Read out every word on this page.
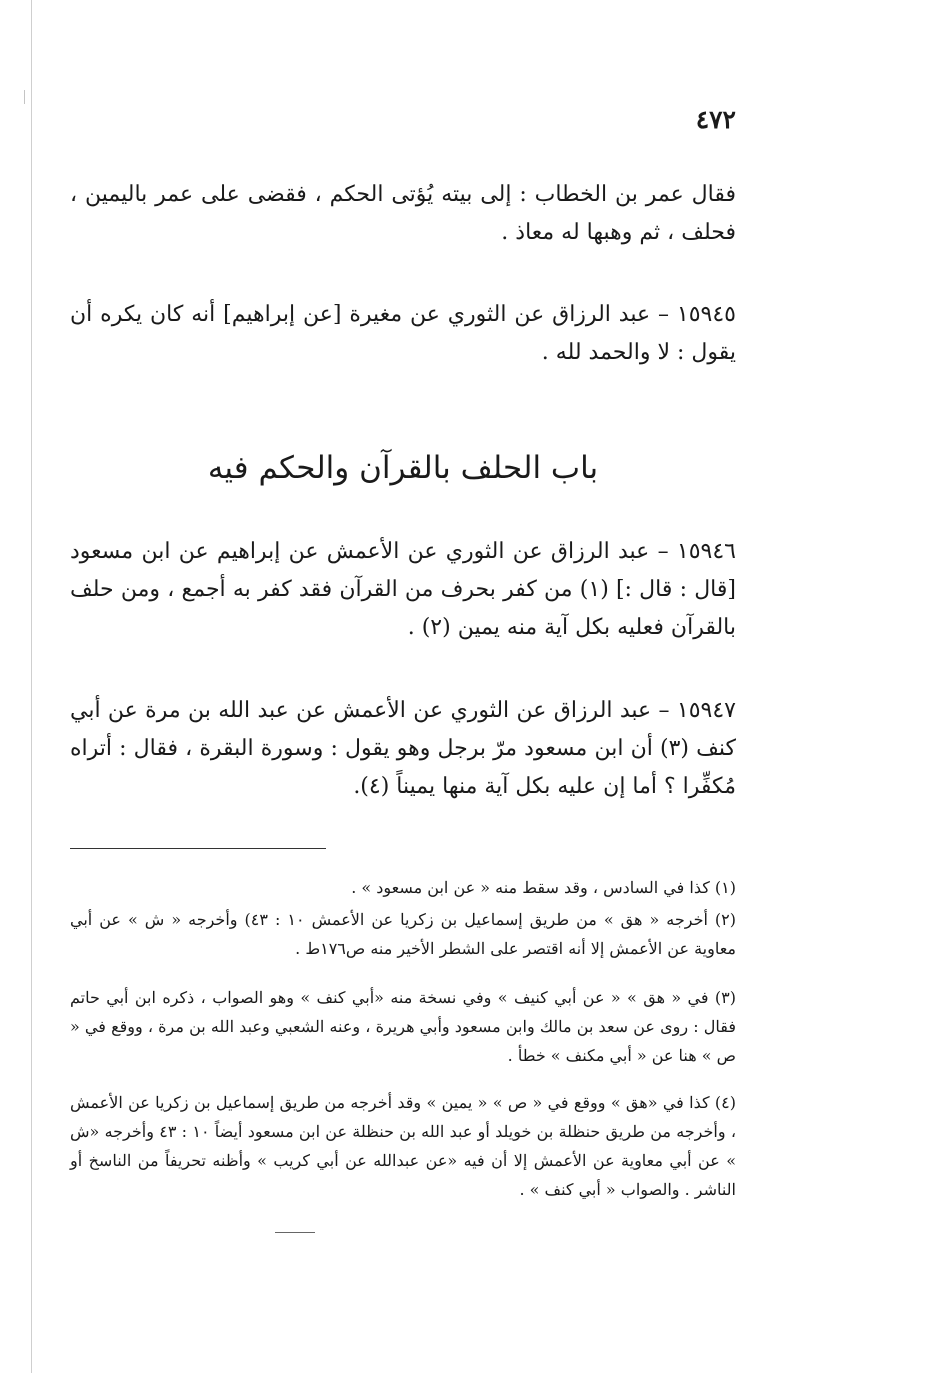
٤٧٢

فقال عمر بن الخطاب : إلى بيته يُؤتى الحكم ، فقضى على عمر باليمين ، فحلف ، ثم وهبها له معاذ .

١٥٩٤٥ – عبد الرزاق عن الثوري عن مغيرة [عن إبراهيم] أنه كان يكره أن يقول : لا والحمد لله .

باب الحلف بالقرآن والحكم فيه

١٥٩٤٦ – عبد الرزاق عن الثوري عن الأعمش عن إبراهيم عن ابن مسعود [قال : قال :] (١) من كفر بحرف من القرآن فقد كفر به أجمع ، ومن حلف بالقرآن فعليه بكل آية منه يمين (٢) .

١٥٩٤٧ – عبد الرزاق عن الثوري عن الأعمش عن عبد الله بن مرة عن أبي كنف (٣) أن ابن مسعود مرّ برجل وهو يقول : وسورة البقرة ، فقال : أتراه مُكفِّرا ؟ أما إن عليه بكل آية منها يميناً (٤).

(١) كذا في السادس ، وقد سقط منه « عن ابن مسعود » .

(٢) أخرجه « هق » من طريق إسماعيل بن زكريا عن الأعمش ١٠ : ٤٣) وأخرجه « ش » عن أبي معاوية عن الأعمش إلا أنه اقتصر على الشطر الأخير منه ص١٧٦ط .

(٣) في « هق » « عن أبي كنيف » وفي نسخة منه «أبي كنف » وهو الصواب ، ذكره ابن أبي حاتم فقال : روى عن سعد بن مالك وابن مسعود وأبي هريرة ، وعنه الشعبي وعبد الله بن مرة ، ووقع في « ص » هنا عن « أبي مكنف » خطأ .

(٤) كذا في «هق » ووقع في « ص » « يمين » وقد أخرجه من طريق إسماعيل بن زكريا عن الأعمش ، وأخرجه من طريق حنظلة بن خويلد أو عبد الله بن حنظلة عن ابن مسعود أيضاً ١٠ : ٤٣ وأخرجه «ش » عن أبي معاوية عن الأعمش إلا أن فيه «عن عبدالله عن أبي كريب » وأظنه تحريفاً من الناسخ أو الناشر . والصواب « أبي كنف » .
